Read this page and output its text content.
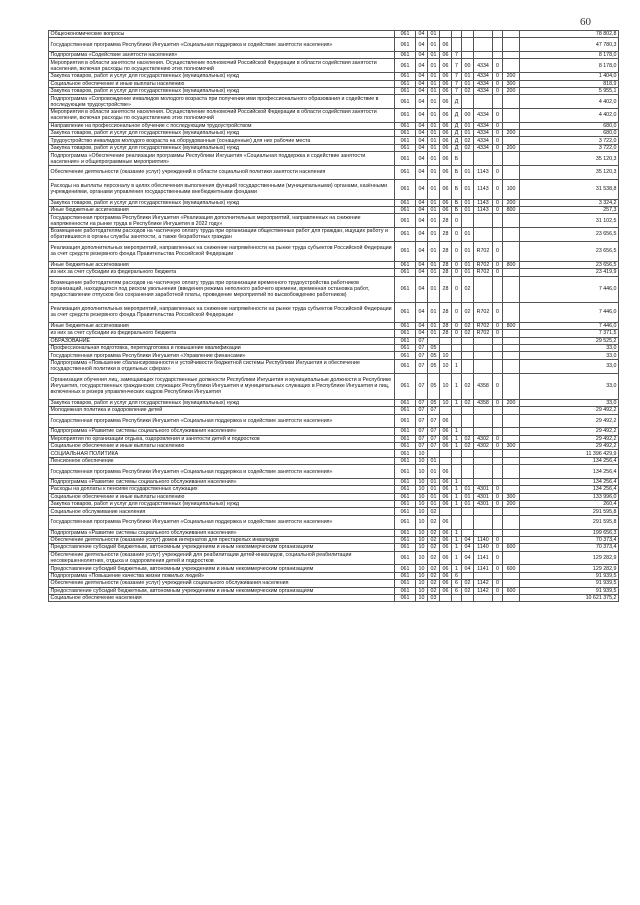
60
Общеэкономические вопросы	061	04	01							78 802,8
Государственная программа Республики Ингушетия «Социальная поддержка и содействие занятости населения»	061	04	01	06						47 780,3
Подпрограмма «Содействие занятости населения»	061	04	01	06	7					8 178,0
Мероприятия в области занятости населения. Осуществление полномочий Российской Федерации в области содействия занятости населения, включая расходы по осуществлению этих полномочий	061	04	01	06	7	00	4334	0		8 178,0
Закупка товаров, работ и услуг для государственных (муниципальных) нужд	061	04	01	06	7	01	4334	0	200	1 404,0
Социальное обеспечение и иные выплаты населению	061	04	01	06	7	01	4334	0	300	818,9
Закупка товаров, работ и услуг для государственных (муниципальных) нужд	061	04	01	06	7	02	4334	0	200	5 955,1
Подпрограмма «Сопровождение инвалидов молодого возраста при получении ими профессионального образования и содействие в последующем трудоустройстве»	061	04	01	06	Д					4 402,0
Мероприятия в области занятости населения. Осуществление полномочий Российской Федерации в области содействия занятости населения, включая расходы по осуществлению этих полномочий	061	04	01	06	Д	00	4334	0		4 402,0
Направление на профессиональное обучение с последующим трудоустройством	061	04	01	06	Д	01	4334	0		680,0
Закупка товаров, работ и услуг для государственных (муниципальных) нужд	061	04	01	06	Д	01	4334	0	200	680,0
Трудоустройство инвалидов молодого возраста на оборудованные (оснащенные) для них рабочие места	061	04	01	06	Д	02	4334	0		3 722,0
Закупка товаров, работ и услуг для государственных (муниципальных) нужд	061	04	01	06	Д	02	4334	0	200	3 722,0
Подпрограмма «Обеспечение реализации программы Республики Ингушетия «Социальная поддержка и содействие занятости населения» и общепрограммные мероприятия»	061	04	01	06	Б					35 120,3
Обеспечение деятельности (оказание услуг) учреждений в области социальной политики занятости населения	061	04	01	06	Б	01	1143	0		35 120,3
Расходы на выплаты персоналу в целях обеспечения выполнения функций государственными (муниципальными) органами, казёнными учреждениями, органами управления государственными внебюджетными фондами	061	04	01	06	Б	01	1143	0	100	31 538,8
Закупка товаров, работ и услуг для государственных (муниципальных) нужд	061	04	01	06	Б	01	1143	0	200	3 324,2
Иные бюджетные ассигнования	061	04	01	06	Б	01	1143	0	800	257,3
Государственная программа Республики Ингушетия «Реализация дополнительных мероприятий, направленных на снижение напряженности на рынке труда в Республике Ингушетия в 2022 году»	061	04	01	28	0					31 102,5
Возмещение работодателям расходов на частичную оплату труда при организации общественных работ для граждан, ищущих работу и обратившихся в органы службы занятости, а также безработных граждан	061	04	01	28	0	01				23 656,5
Реализация дополнительных мероприятий, направленных на снижение напряжённости на рынке труда субъектов Российской Федерации за счет средств резервного фонда Правительства Российской Федерации	061	04	01	28	0	01	R702	0		23 656,5
Иные бюджетные ассигнования	061	04	01	28	0	01	R702	0	800	23 656,5
из них за счет субсидии из федерального бюджета	061	04	01	28	0	01	R702	0		23 419,9
Возмещение работодателям расходов на частичную оплату труда при организации временного трудоустройства работников организаций, находящихся под риском увольнения (введения режима неполного рабочего времени, временная остановка работ, предоставление отпусков без сохранения заработной платы, проведение мероприятий по высвобождению работников)	061	04	01	28	0	02				7 446,0
Реализация дополнительных мероприятий, направленных на снижение напряжённости на рынке труда субъектов Российской Федерации за счет средств резервного фонда Правительства Российской Федерации	061	04	01	28	0	02	R702	0		7 446,0
Иные бюджетные ассигнования	061	04	01	28	0	02	R702	0	800	7 446,0
из них за счет субсидии из федерального бюджета	061	04	01	28	0	02	R702	0		7 371,5
ОБРАЗОВАНИЕ	061	07								29 525,2
Профессиональная подготовка, переподготовка и повышение квалификации	061	07	05							33,0
Государственная программа Республики Ингушетия «Управление финансами»	061	07	05	10						33,0
Подпрограмма «Повышение сбалансированности и устойчивости бюджетной системы Республики Ингушетия и обеспечение государственной политики в отдельных сферах»	061	07	05	10	1					33,0
Организация обучения лиц, замещающих государственные должности Республики Ингушетия и муниципальные должности в Республике Ингушетия, государственных гражданских служащих Республики Ингушетия и муниципальных служащих в Республике Ингушетия и лиц, включенных в резерв управленческих кадров Республики Ингушетия	061	07	05	10	1	02	4358	0		33,0
Закупка товаров, работ и услуг для государственных (муниципальных) нужд	061	07	05	10	1	02	4358	0	200	33,0
Молодежная политика и оздоровление детей	061	07	07							29 492,2
Государственная программа Республики Ингушетия «Социальная поддержка и содействие занятости населения»	061	07	07	06						29 492,2
Подпрограмма «Развитие системы социального обслуживания населения»	061	07	07	06	1					29 492,2
Мероприятия по организации отдыха, оздоровления и занятости детей и подростков	061	07	07	06	1	02	4302	0		29 492,2
Социальное обеспечение и иные выплаты населению	061	07	07	06	1	02	4302	0	300	29 492,2
СОЦИАЛЬНАЯ ПОЛИТИКА	061	10								11 396 429,9
Пенсионное обеспечение	061	10	01							134 256,4
Государственная программа Республики Ингушетия «Социальная поддержка и содействие занятости населения»	061	10	01	06						134 256,4
Подпрограмма «Развитие системы социального обслуживания населения»	061	10	01	06	1					134 256,4
Расходы на доплаты к пенсиям государственных служащих	061	10	01	06	1	01	4301	0		134 256,4
Социальное обеспечение и иные выплаты населению	061	10	01	06	1	01	4301	0	300	133 996,0
Закупка товаров, работ и услуг для государственных (муниципальных) нужд	061	10	01	06	1	01	4301	0	200	260,4
Социальное обслуживание населения	061	10	02							291 595,8
Государственная программа Республики Ингушетия «Социальная поддержка и содействие занятости населения»	061	10	02	06						291 595,8
Подпрограмма «Развитие системы социального обслуживания населения»	061	10	02	06	1					199 656,3
Обеспечение деятельности (оказание услуг) домов интернатов для престарелых инвалидов	061	10	02	06	1	04	1140	0		70 373,4
Предоставление субсидий бюджетным, автономным учреждениям и иным некоммерческим организациям	061	10	02	06	1	04	1140	0	600	70 373,4
Обеспечение деятельности (оказание услуг) учреждений для реабилитации детей-инвалидов, социальной реабилитации несовершеннолетних, отдыха и оздоровления детей и подростков	061	10	02	06	1	04	1141	0		129 282,9
Предоставление субсидий бюджетным, автономным учреждениям и иным некоммерческим организациям	061	10	02	06	1	04	1141	0	600	129 282,9
Подпрограмма «Повышение качества жизни пожилых людей»	061	10	02	06	6					91 939,5
Обеспечение деятельности (оказание услуг) учреждений социального обслуживания населения	061	10	02	06	6	02	1142	0		91 939,5
Предоставление субсидий бюджетным, автономным учреждениям и иным некоммерческим организациям	061	10	02	06	6	02	1142	0	600	91 939,5
Социальное обеспечение населения	061	10	03							10 621 375,2
